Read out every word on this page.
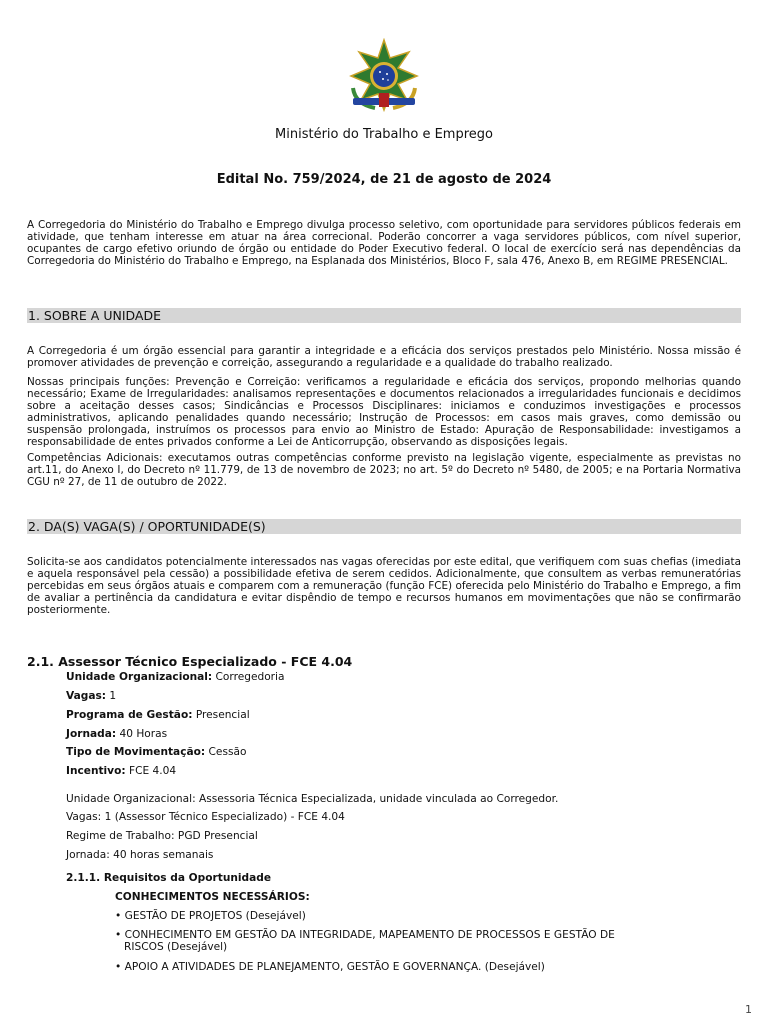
Ministério do Trabalho e Emprego
Edital No. 759/2024, de 21 de agosto de 2024
A Corregedoria do Ministério do Trabalho e Emprego divulga processo seletivo, com oportunidade para servidores públicos federais em atividade, que tenham interesse em atuar na área correcional. Poderão concorrer a vaga servidores públicos, com nível superior, ocupantes de cargo efetivo oriundo de órgão ou entidade do Poder Executivo federal. O local de exercício será nas dependências da Corregedoria do Ministério do Trabalho e Emprego, na Esplanada dos Ministérios, Bloco F, sala 476, Anexo B, em REGIME PRESENCIAL.
1. SOBRE A UNIDADE
A Corregedoria é um órgão essencial para garantir a integridade e a eficácia dos serviços prestados pelo Ministério. Nossa missão é promover atividades de prevenção e correição, assegurando a regularidade e a qualidade do trabalho realizado.
Nossas principais funções: Prevenção e Correição: verificamos a regularidade e eficácia dos serviços, propondo melhorias quando necessário; Exame de Irregularidades: analisamos representações e documentos relacionados a irregularidades funcionais e decidimos sobre a aceitação desses casos; Sindicâncias e Processos Disciplinares: iniciamos e conduzimos investigações e processos administrativos, aplicando penalidades quando necessário; Instrução de Processos: em casos mais graves, como demissão ou suspensão prolongada, instruímos os processos para envio ao Ministro de Estado: Apuração de Responsabilidade: investigamos a responsabilidade de entes privados conforme a Lei de Anticorrupção, observando as disposições legais.
Competências Adicionais: executamos outras competências conforme previsto na legislação vigente, especialmente as previstas no art.11, do Anexo I, do Decreto nº 11.779, de 13 de novembro de 2023; no art. 5º do Decreto nº 5480, de 2005; e na Portaria Normativa CGU nº 27, de 11 de outubro de 2022.
2. DA(S) VAGA(S) / OPORTUNIDADE(S)
Solicita-se aos candidatos potencialmente interessados nas vagas oferecidas por este edital, que verifiquem com suas chefias (imediata e aquela responsável pela cessão) a possibilidade efetiva de serem cedidos. Adicionalmente, que consultem as verbas remuneratórias percebidas em seus órgãos atuais e comparem com a remuneração (função FCE) oferecida pelo Ministério do Trabalho e Emprego, a fim de avaliar a pertinência da candidatura e evitar dispêndio de tempo e recursos humanos em movimentações que não se confirmarão posteriormente.
2.1. Assessor Técnico Especializado - FCE 4.04
Unidade Organizacional: Corregedoria
Vagas: 1
Programa de Gestão: Presencial
Jornada: 40 Horas
Tipo de Movimentação: Cessão
Incentivo: FCE 4.04
Unidade Organizacional: Assessoria Técnica Especializada, unidade vinculada ao Corregedor.
Vagas: 1 (Assessor Técnico Especializado) - FCE 4.04
Regime de Trabalho: PGD Presencial
Jornada: 40 horas semanais
2.1.1. Requisitos da Oportunidade
CONHECIMENTOS NECESSÁRIOS:
• GESTÃO DE PROJETOS (Desejável)
• CONHECIMENTO EM GESTÃO DA INTEGRIDADE, MAPEAMENTO DE PROCESSOS E GESTÃO DE RISCOS (Desejável)
• APOIO A ATIVIDADES DE PLANEJAMENTO, GESTÃO E GOVERNANÇA. (Desejável)
1
